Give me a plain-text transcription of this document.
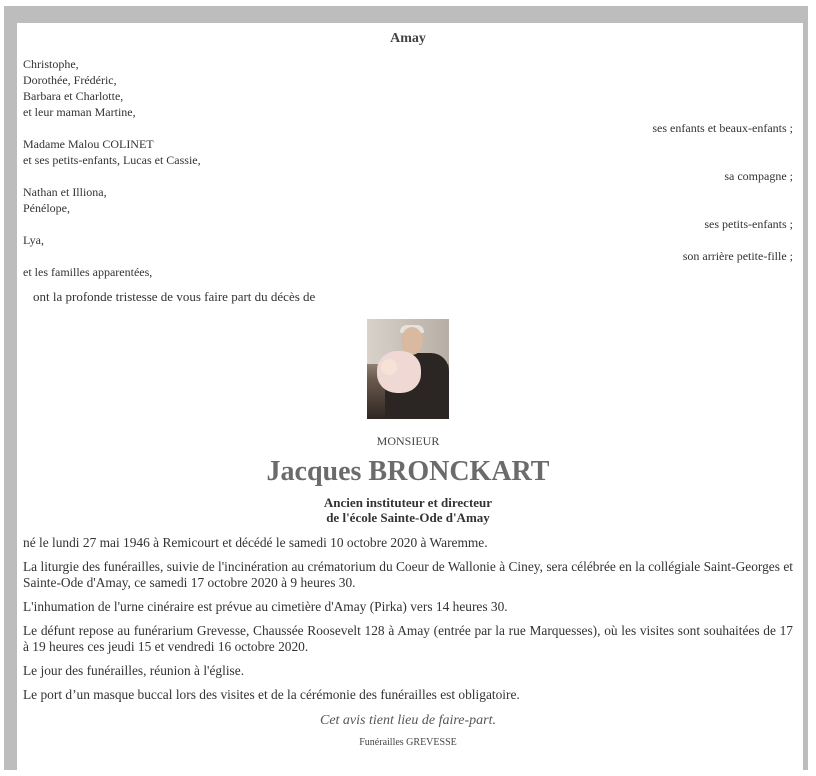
Amay
Christophe,
Dorothée, Frédéric,
Barbara et Charlotte,
et leur maman Martine,
ses enfants et beaux-enfants ;
Madame Malou COLINET
et ses petits-enfants, Lucas et Cassie,
sa compagne ;
Nathan et Illiona,
Pénélope,
ses petits-enfants ;
Lya,
son arrière petite-fille ;
et les familles apparentées,
ont la profonde tristesse de vous faire part du décès de
MONSIEUR
Jacques BRONCKART
Ancien instituteur et directeur
de l'école Sainte-Ode d'Amay
né le lundi 27 mai 1946 à Remicourt et décédé le samedi 10 octobre 2020 à Waremme.
La liturgie des funérailles, suivie de l'incinération au crématorium du Coeur de Wallonie à Ciney, sera célébrée en la collégiale Saint-Georges et Sainte-Ode d'Amay, ce samedi 17 octobre 2020 à 9 heures 30.
L'inhumation de l'urne cinéraire est prévue au cimetière d'Amay (Pirka) vers 14 heures 30.
Le défunt repose au funérarium Grevesse, Chaussée Roosevelt 128 à Amay (entrée par la rue Marquesses), où les visites sont souhaitées de 17 à 19 heures ces jeudi 15 et vendredi 16 octobre 2020.
Le jour des funérailles, réunion à l'église.
Le port d’un masque buccal lors des visites et de la cérémonie des funérailles est obligatoire.
Cet avis tient lieu de faire-part.
Funérailles GREVESSE
